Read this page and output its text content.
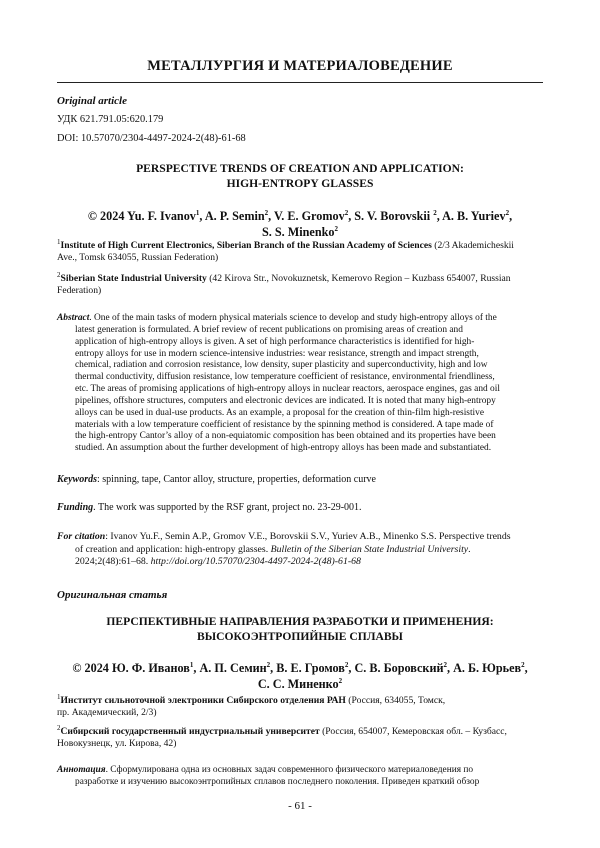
МЕТАЛЛУРГИЯ И МАТЕРИАЛОВЕДЕНИЕ
Original article
УДК 621.791.05:620.179
DOI: 10.57070/2304-4497-2024-2(48)-61-68
PERSPECTIVE TRENDS OF CREATION AND APPLICATION:
HIGH-ENTROPY GLASSES
© 2024 Yu. F. Ivanov$^1$, A. P. Semin$^2$, V. E. Gromov$^2$, S. V. Borovskii $^2$, A. B. Yuriev$^2$,
S. S. Minenko$^2$
$^1$Institute of High Current Electronics, Siberian Branch of the Russian Academy of Sciences (2/3 Akademicheskii
Ave., Tomsk 634055, Russian Federation)
$^2$Siberian State Industrial University (42 Kirova Str., Novokuznetsk, Kemerovo Region – Kuzbass 654007, Russian
Federation)
Abstract. One of the main tasks of modern physical materials science to develop and study high-entropy alloys of the
latest generation is formulated. A brief review of recent publications on promising areas of creation and
application of high-entropy alloys is given. A set of high performance characteristics is identified for high-
entropy alloys for use in modern science-intensive industries: wear resistance, strength and impact strength,
chemical, radiation and corrosion resistance, low density, super plasticity and superconductivity, high and low
thermal conductivity, diffusion resistance, low temperature coefficient of resistance, environmental friendliness,
etc. The areas of promising applications of high-entropy alloys in nuclear reactors, aerospace engines, gas and oil
pipelines, offshore structures, computers and electronic devices are indicated. It is noted that many high-entropy
alloys can be used in dual-use products. As an example, a proposal for the creation of thin-film high-resistive
materials with a low temperature coefficient of resistance by the spinning method is considered. A tape made of
the high-entropy Cantor’s alloy of a non-equiatomic composition has been obtained and its properties have been
studied. An assumption about the further development of high-entropy alloys has been made and substantiated.
Keywords: spinning, tape, Cantor alloy, structure, properties, deformation curve
Funding. The work was supported by the RSF grant, project no. 23-29-001.
For citation: Ivanov Yu.F., Semin A.P., Gromov V.E., Borovskii S.V., Yuriev A.B., Minenko S.S. Perspective trends
of creation and application: high-entropy glasses. Bulletin of the Siberian State Industrial University.
2024;2(48):61–68. http://doi.org/10.57070/2304-4497-2024-2(48)-61-68
Оригинальная статья
ПЕРСПЕКТИВНЫЕ НАПРАВЛЕНИЯ РАЗРАБОТКИ И ПРИМЕНЕНИЯ:
ВЫСОКОЭНТРОПИЙНЫЕ СПЛАВЫ
© 2024 Ю. Ф. Иванов$^1$, А. П. Семин$^2$, В. Е. Громов$^2$, С. В. Боровский$^2$, А. Б. Юрьев$^2$,
С. С. Миненко$^2$
$^1$Институт сильноточной электроники Сибирского отделения РАН (Россия, 634055, Томск,
пр. Академический, 2/3)
$^2$Сибирский государственный индустриальный университет (Россия, 654007, Кемеровская обл. – Кузбасс,
Новокузнецк, ул. Кирова, 42)
Аннотация. Сформулирована одна из основных задач современного физического материаловедения по
разработке и изучению высокоэнтропийных сплавов последнего поколения. Приведен краткий обзор
- 61 -
